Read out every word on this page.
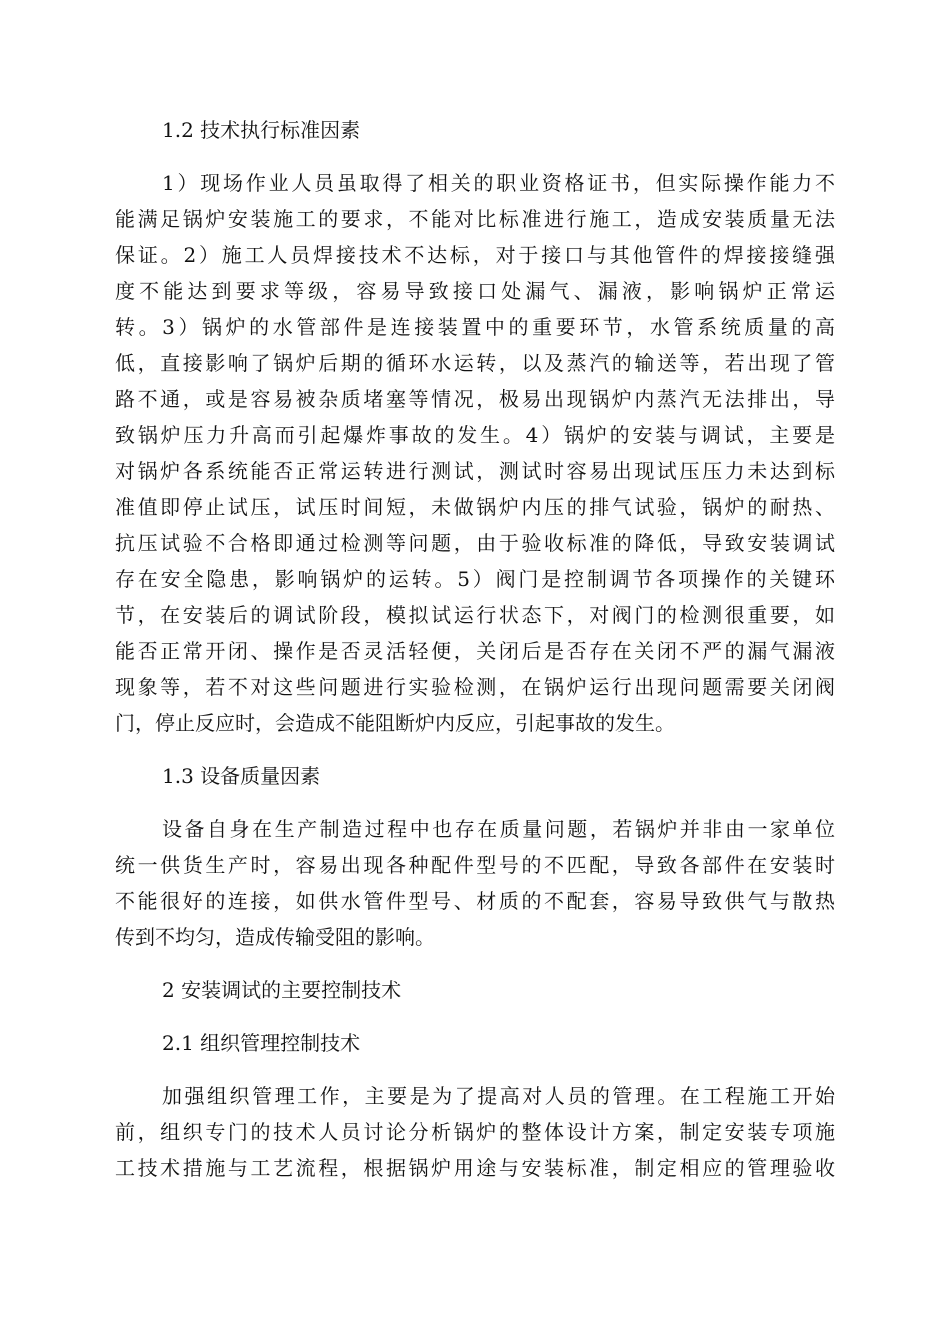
1.2 技术执行标准因素

1）现场作业人员虽取得了相关的职业资格证书，但实际操作能力不
能满足锅炉安装施工的要求，不能对比标准进行施工，造成安装质量无法
保证。2）施工人员焊接技术不达标，对于接口与其他管件的焊接接缝强
度不能达到要求等级，容易导致接口处漏气、漏液，影响锅炉正常运
转。3）锅炉的水管部件是连接装置中的重要环节，水管系统质量的高
低，直接影响了锅炉后期的循环水运转，以及蒸汽的输送等，若出现了管
路不通，或是容易被杂质堵塞等情况，极易出现锅炉内蒸汽无法排出，导
致锅炉压力升高而引起爆炸事故的发生。4）锅炉的安装与调试，主要是
对锅炉各系统能否正常运转进行测试，测试时容易出现试压压力未达到标
准值即停止试压，试压时间短，未做锅炉内压的排气试验，锅炉的耐热、
抗压试验不合格即通过检测等问题，由于验收标准的降低，导致安装调试
存在安全隐患，影响锅炉的运转。5）阀门是控制调节各项操作的关键环
节，在安装后的调试阶段，模拟试运行状态下，对阀门的检测很重要，如
能否正常开闭、操作是否灵活轻便，关闭后是否存在关闭不严的漏气漏液
现象等，若不对这些问题进行实验检测，在锅炉运行出现问题需要关闭阀
门，停止反应时，会造成不能阻断炉内反应，引起事故的发生。

1.3 设备质量因素

设备自身在生产制造过程中也存在质量问题，若锅炉并非由一家单位
统一供货生产时，容易出现各种配件型号的不匹配，导致各部件在安装时
不能很好的连接，如供水管件型号、材质的不配套，容易导致供气与散热
传到不均匀，造成传输受阻的影响。

2 安装调试的主要控制技术

2.1 组织管理控制技术

加强组织管理工作，主要是为了提高对人员的管理。在工程施工开始
前，组织专门的技术人员讨论分析锅炉的整体设计方案，制定安装专项施
工技术措施与工艺流程，根据锅炉用途与安装标准，制定相应的管理验收
